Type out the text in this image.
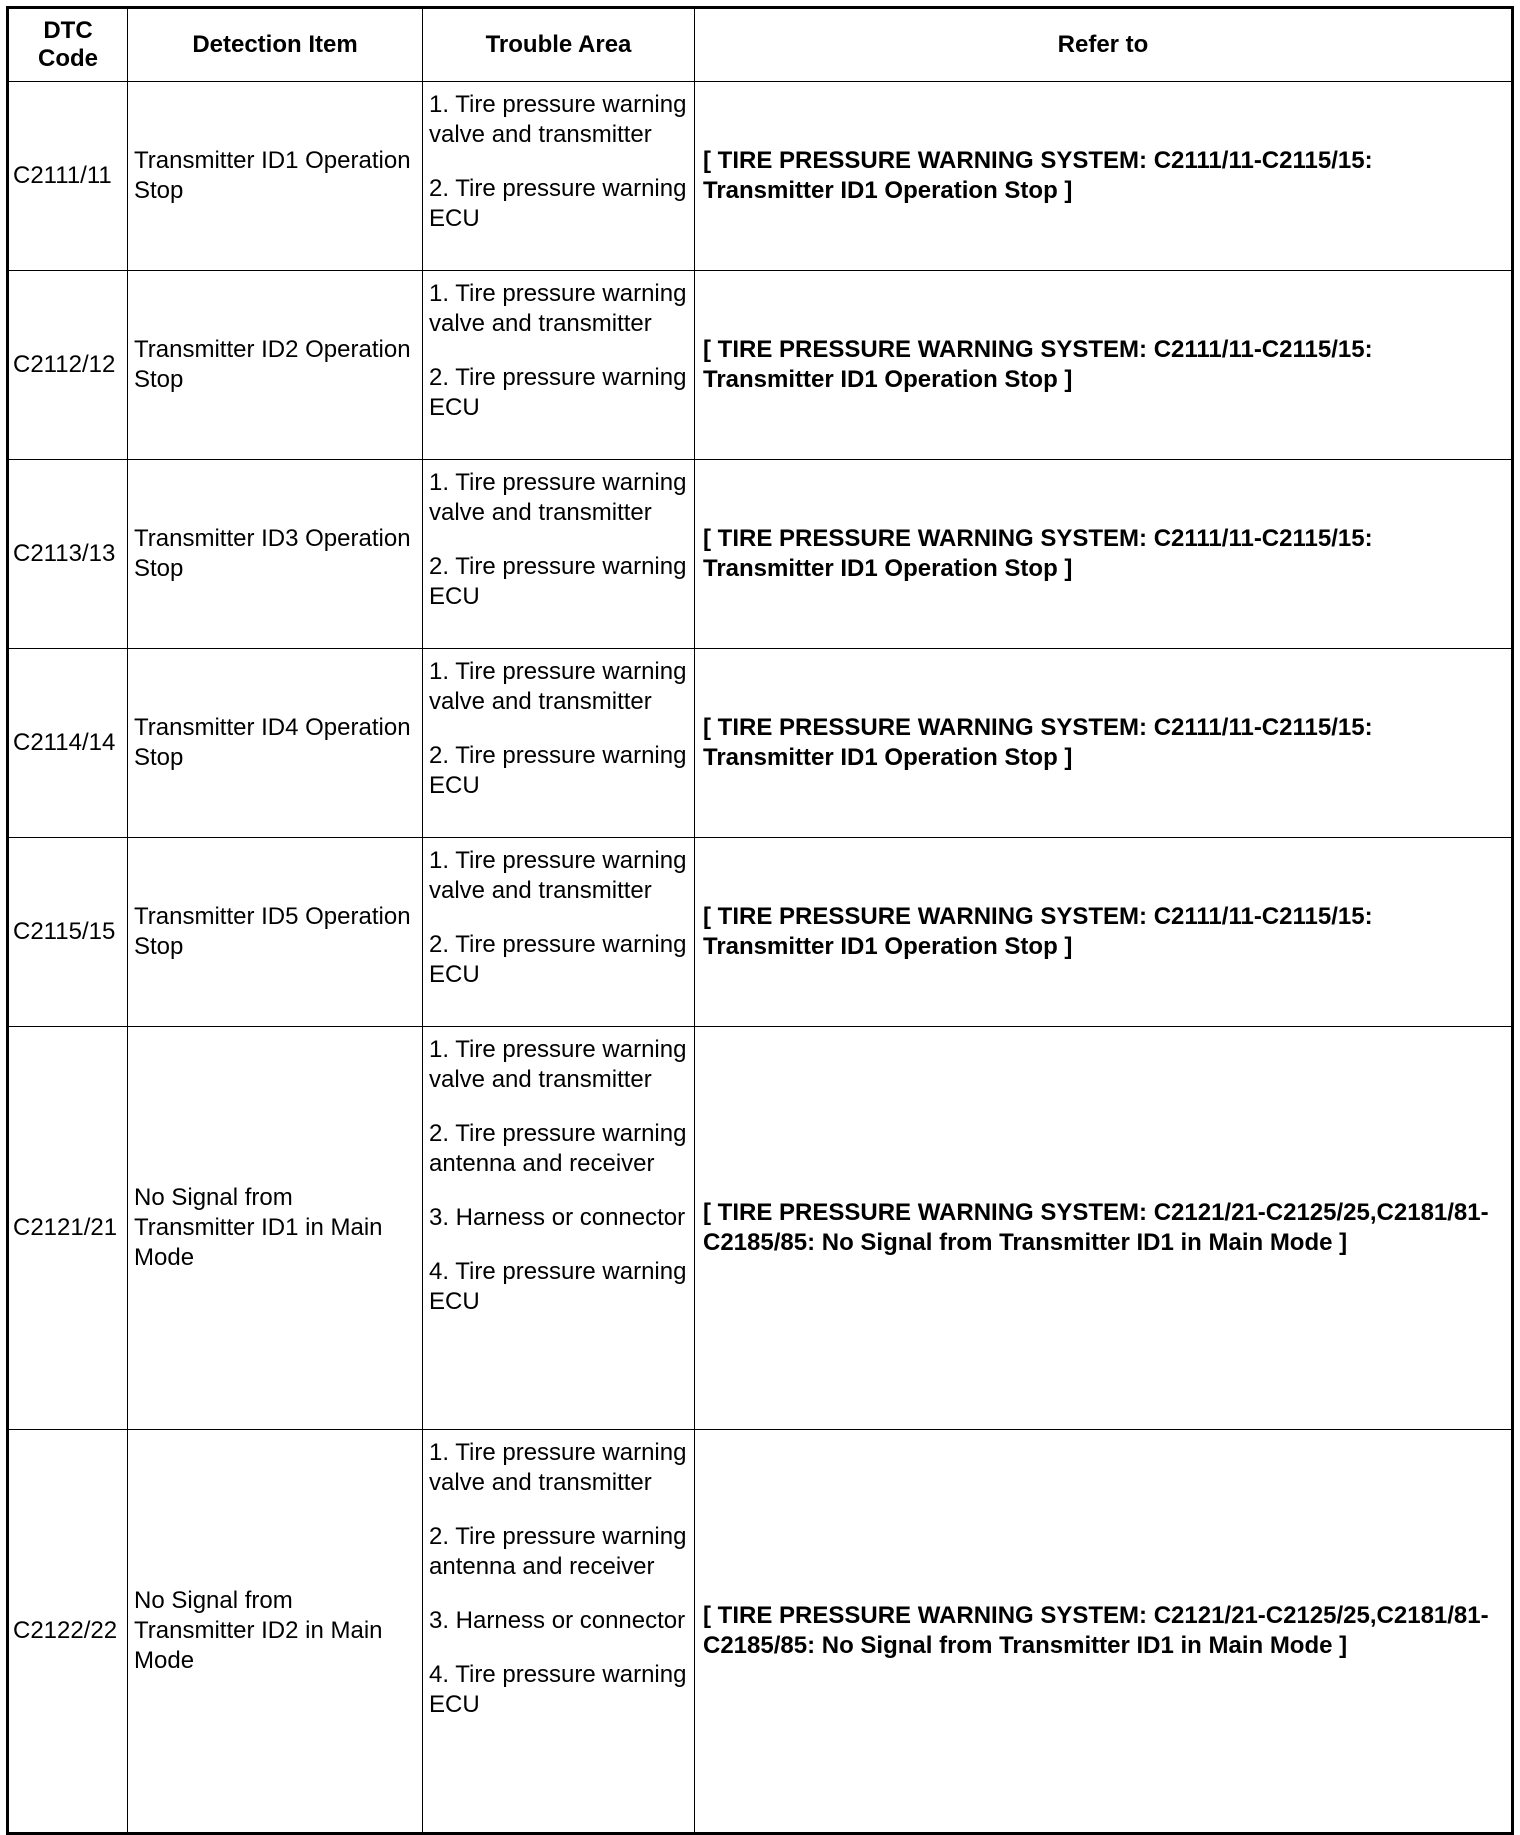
DTC
Code	Detection Item	Trouble Area	Refer to
C2111/11	Transmitter ID1 Operation Stop	1. Tire pressure warning valve and transmitter

2. Tire pressure warning ECU	[ TIRE PRESSURE WARNING SYSTEM: C2111/11-C2115/15: Transmitter ID1 Operation Stop ]
C2112/12	Transmitter ID2 Operation Stop	1. Tire pressure warning valve and transmitter

2. Tire pressure warning ECU	[ TIRE PRESSURE WARNING SYSTEM: C2111/11-C2115/15: Transmitter ID1 Operation Stop ]
C2113/13	Transmitter ID3 Operation Stop	1. Tire pressure warning valve and transmitter

2. Tire pressure warning ECU	[ TIRE PRESSURE WARNING SYSTEM: C2111/11-C2115/15: Transmitter ID1 Operation Stop ]
C2114/14	Transmitter ID4 Operation Stop	1. Tire pressure warning valve and transmitter

2. Tire pressure warning ECU	[ TIRE PRESSURE WARNING SYSTEM: C2111/11-C2115/15: Transmitter ID1 Operation Stop ]
C2115/15	Transmitter ID5 Operation Stop	1. Tire pressure warning valve and transmitter

2. Tire pressure warning ECU	[ TIRE PRESSURE WARNING SYSTEM: C2111/11-C2115/15: Transmitter ID1 Operation Stop ]
C2121/21	No Signal from Transmitter ID1 in Main Mode	1. Tire pressure warning valve and transmitter

2. Tire pressure warning antenna and receiver

3. Harness or connector

4. Tire pressure warning ECU	[ TIRE PRESSURE WARNING SYSTEM: C2121/21-C2125/25,C2181/81-C2185/85: No Signal from Transmitter ID1 in Main Mode ]
C2122/22	No Signal from Transmitter ID2 in Main Mode	1. Tire pressure warning valve and transmitter

2. Tire pressure warning antenna and receiver

3. Harness or connector

4. Tire pressure warning ECU	[ TIRE PRESSURE WARNING SYSTEM: C2121/21-C2125/25,C2181/81-C2185/85: No Signal from Transmitter ID1 in Main Mode ]
